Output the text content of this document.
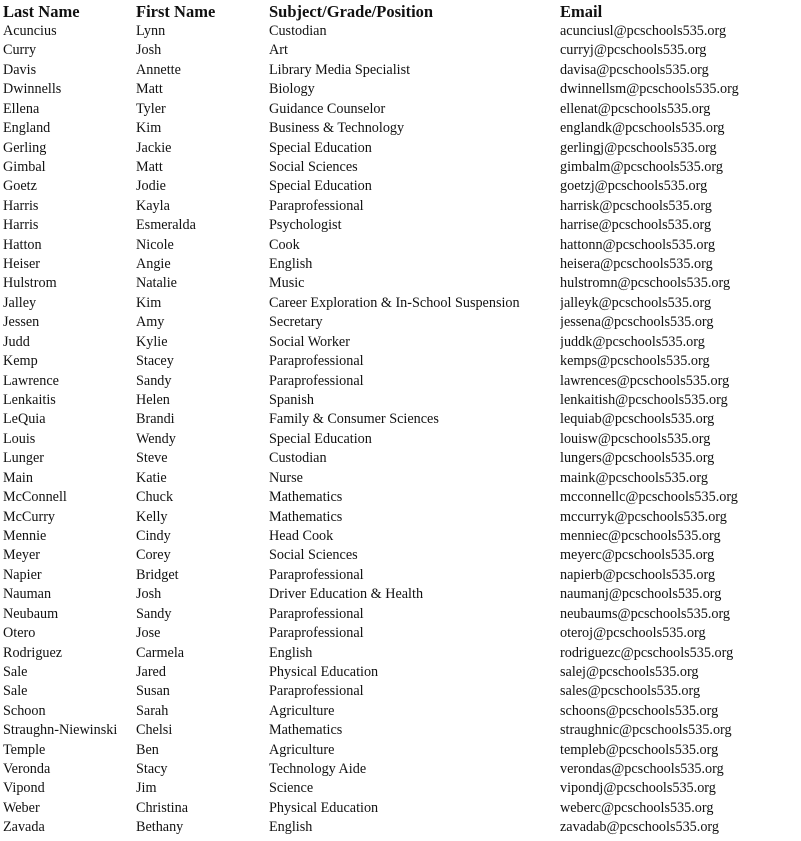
Last Name	First Name	Subject/Grade/Position	Email
Acuncius	Lynn	Custodian	acunciusl@pcschools535.org
Curry	Josh	Art	curryj@pcschools535.org
Davis	Annette	Library Media Specialist	davisa@pcschools535.org
Dwinnells	Matt	Biology	dwinnellsm@pcschools535.org
Ellena	Tyler	Guidance Counselor	ellenat@pcschools535.org
England	Kim	Business & Technology	englandk@pcschools535.org
Gerling	Jackie	Special Education	gerlingj@pcschools535.org
Gimbal	Matt	Social Sciences	gimbalm@pcschools535.org
Goetz	Jodie	Special Education	goetzj@pcschools535.org
Harris	Kayla	Paraprofessional	harrisk@pcschools535.org
Harris	Esmeralda	Psychologist	harrise@pcschools535.org
Hatton	Nicole	Cook	hattonn@pcschools535.org
Heiser	Angie	English	heisera@pcschools535.org
Hulstrom	Natalie	Music	hulstromn@pcschools535.org
Jalley	Kim	Career Exploration & In-School Suspension	jalleyk@pcschools535.org
Jessen	Amy	Secretary	jessena@pcschools535.org
Judd	Kylie	Social Worker	juddk@pcschools535.org
Kemp	Stacey	Paraprofessional	kemps@pcschools535.org
Lawrence	Sandy	Paraprofessional	lawrences@pcschools535.org
Lenkaitis	Helen	Spanish	lenkaitish@pcschools535.org
LeQuia	Brandi	Family & Consumer Sciences	lequiab@pcschools535.org
Louis	Wendy	Special Education	louisw@pcschools535.org
Lunger	Steve	Custodian	lungers@pcschools535.org
Main	Katie	Nurse	maink@pcschools535.org
McConnell	Chuck	Mathematics	mcconnellc@pcschools535.org
McCurry	Kelly	Mathematics	mccurryk@pcschools535.org
Mennie	Cindy	Head Cook	menniec@pcschools535.org
Meyer	Corey	Social Sciences	meyerc@pcschools535.org
Napier	Bridget	Paraprofessional	napierb@pcschools535.org
Nauman	Josh	Driver Education & Health	naumanj@pcschools535.org
Neubaum	Sandy	Paraprofessional	neubaums@pcschools535.org
Otero	Jose	Paraprofessional	oteroj@pcschools535.org
Rodriguez	Carmela	English	rodriguezc@pcschools535.org
Sale	Jared	Physical Education	salej@pcschools535.org
Sale	Susan	Paraprofessional	sales@pcschools535.org
Schoon	Sarah	Agriculture	schoons@pcschools535.org
Straughn-Niewinski	Chelsi	Mathematics	straughnic@pcschools535.org
Temple	Ben	Agriculture	templeb@pcschools535.org
Veronda	Stacy	Technology Aide	verondas@pcschools535.org
Vipond	Jim	Science	vipondj@pcschools535.org
Weber	Christina	Physical Education	weberc@pcschools535.org
Zavada	Bethany	English	zavadab@pcschools535.org
